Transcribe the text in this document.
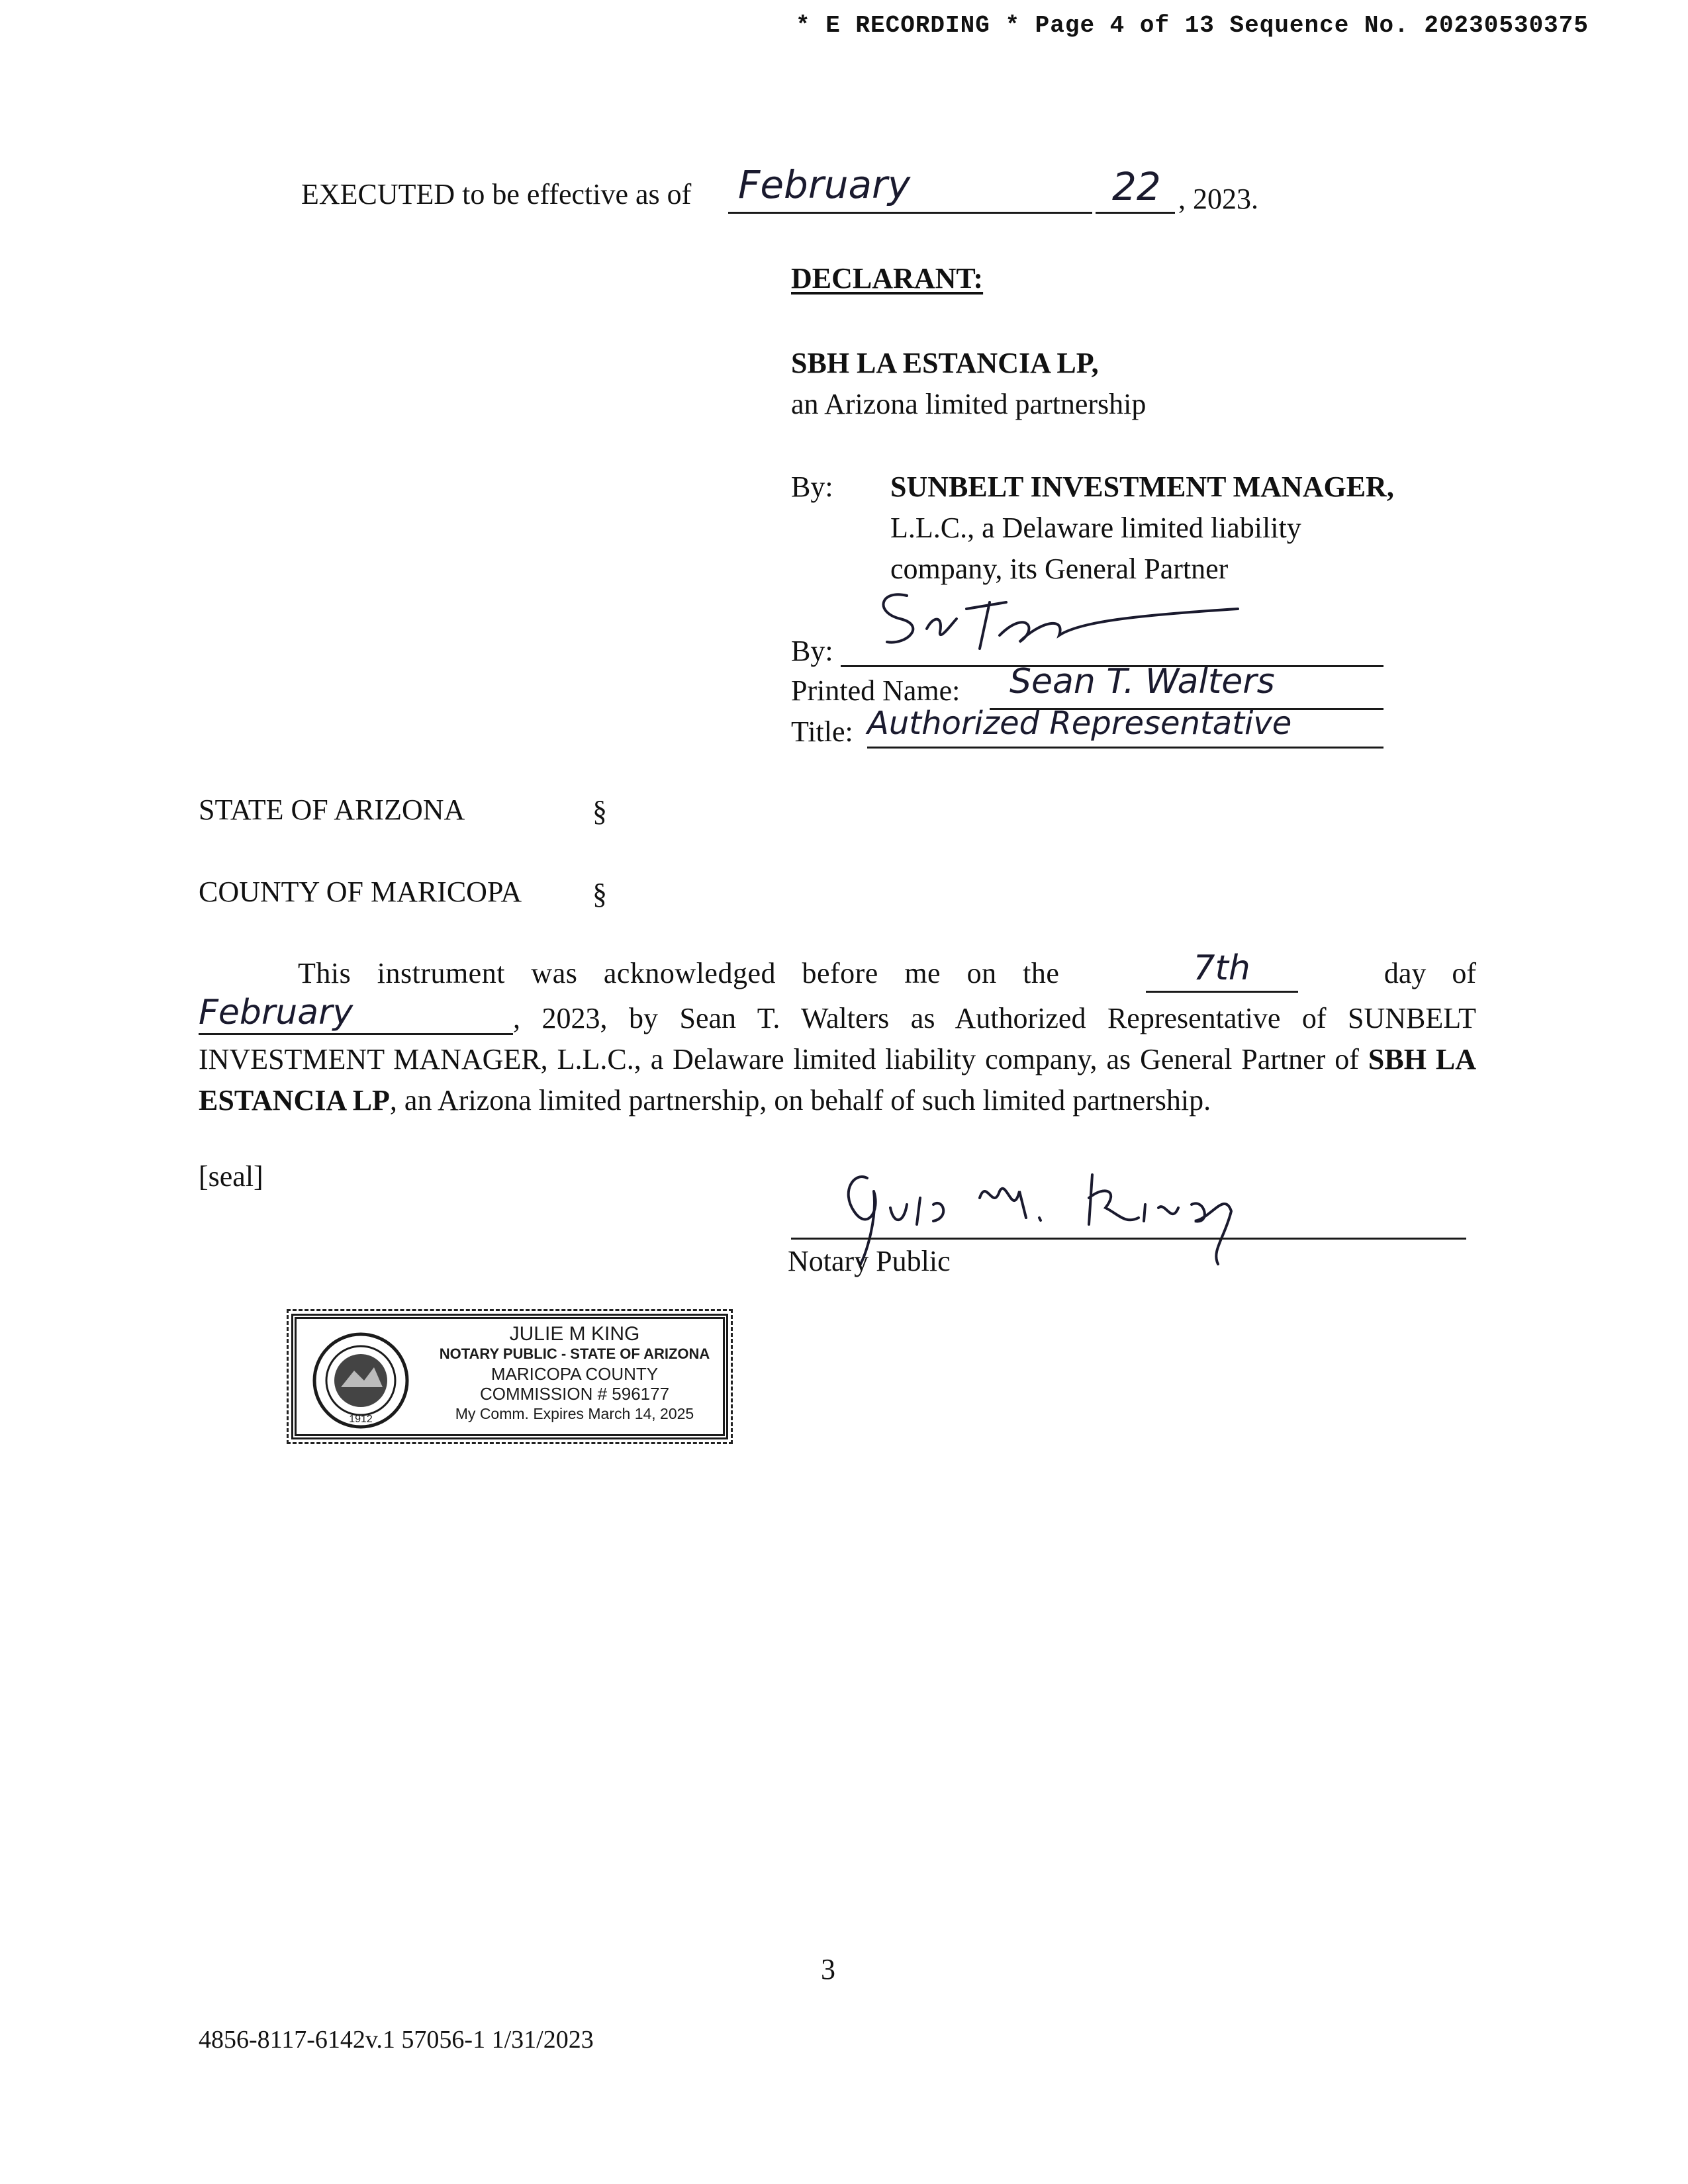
* E RECORDING * Page 4 of 13 Sequence No. 20230530375
EXECUTED to be effective as of February	22 , 2023.
DECLARANT:
SBH LA ESTANCIA LP,
an Arizona limited partnership
By: SUNBELT INVESTMENT MANAGER,
L.L.C., a Delaware limited liability
company, its General Partner
By:
Printed Name: Sean T. Walters
Title: Authorized Representative
STATE OF ARIZONA	§
COUNTY OF MARICOPA §
This instrument was acknowledged before me on the	7th	day of
February	, 2023, by Sean T. Walters as Authorized Representative of SUNBELT INVESTMENT MANAGER, L.L.C., a Delaware limited liability company, as General Partner of SBH LA ESTANCIA LP, an Arizona limited partnership, on behalf of such limited partnership.
[seal]
Notary Public
1912
JULIE M KING
NOTARY PUBLIC - STATE OF ARIZONA
MARICOPA COUNTY
COMMISSION # 596177
My Comm. Expires March 14, 2025
3
4856-8117-6142v.1 57056-1 1/31/2023
